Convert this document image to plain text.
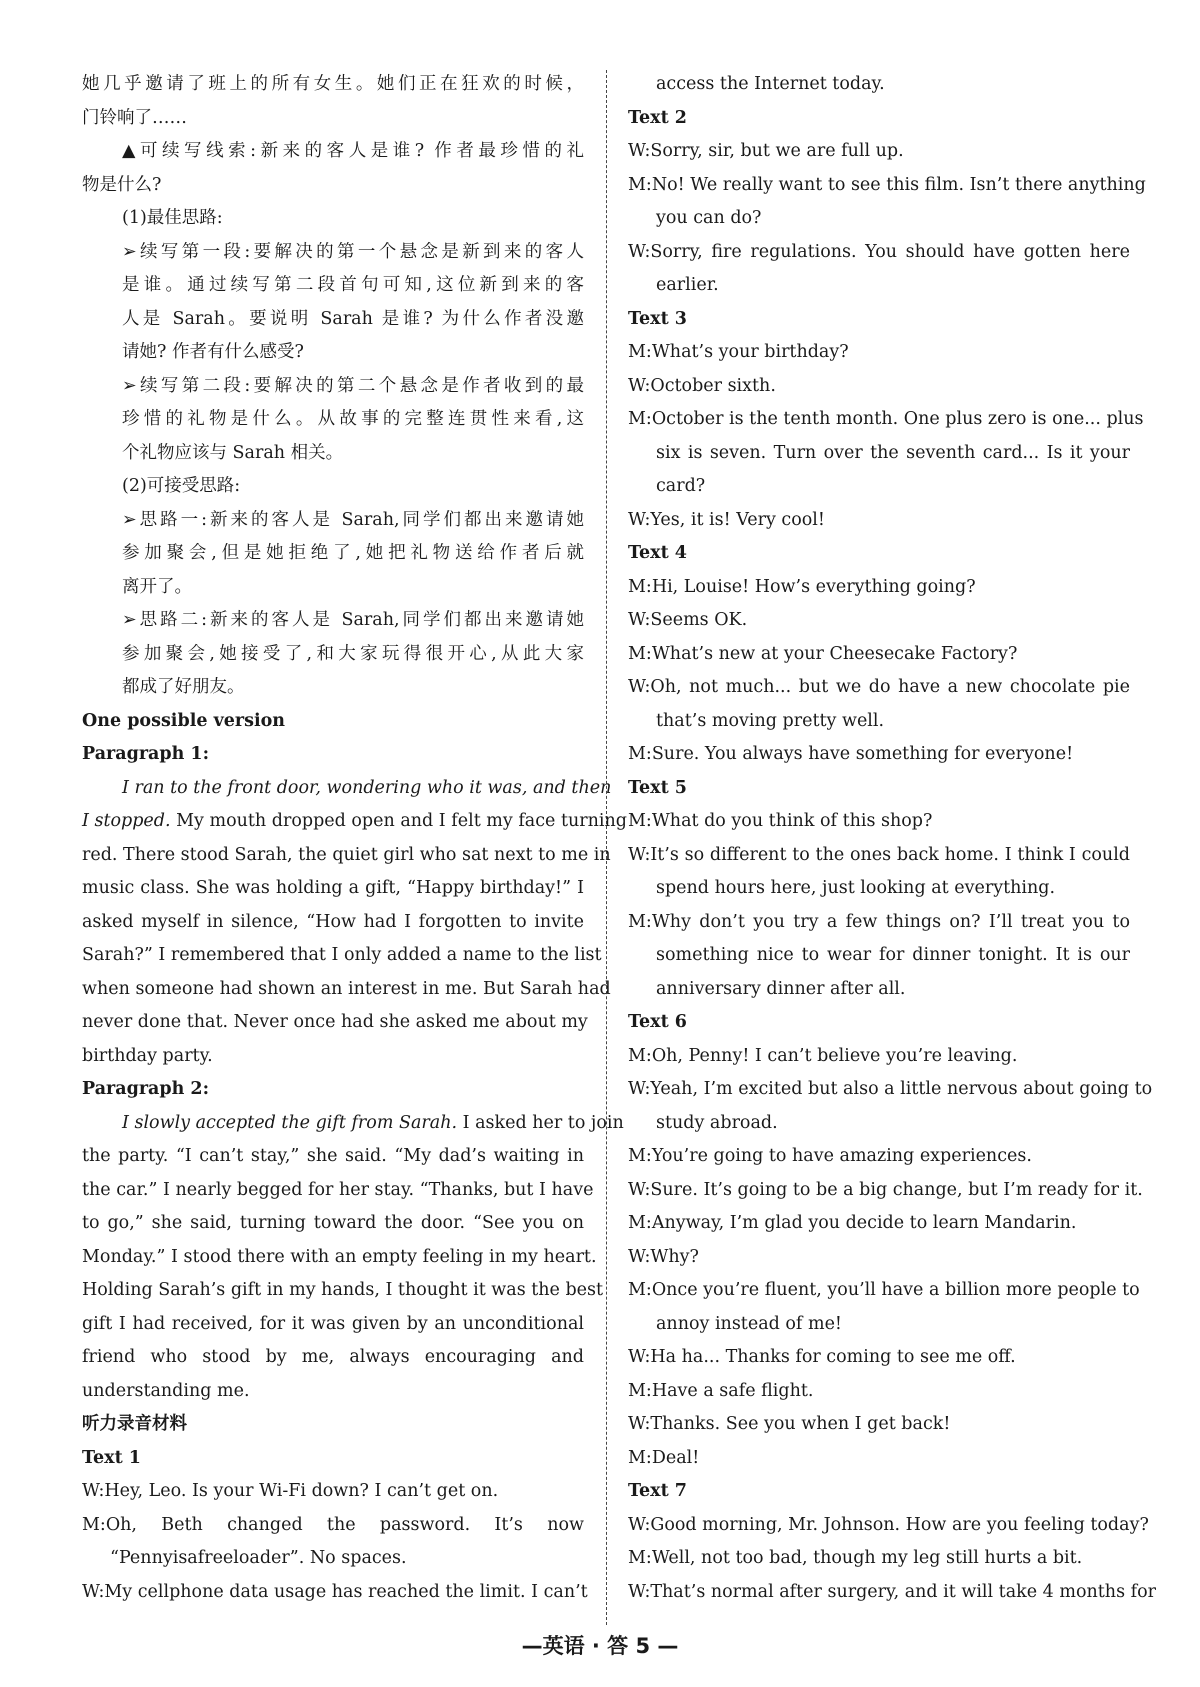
她几乎邀请了班上的所有女生。她们正在狂欢的时候，
门铃响了……
▲可续写线索:新来的客人是谁? 作者最珍惜的礼
物是什么?
(1)最佳思路:
➢续写第一段:要解决的第一个悬念是新到来的客人
是谁。通过续写第二段首句可知,这位新到来的客
人是 Sarah。要说明 Sarah 是谁? 为什么作者没邀
请她? 作者有什么感受?
➢续写第二段:要解决的第二个悬念是作者收到的最
珍惜的礼物是什么。从故事的完整连贯性来看,这
个礼物应该与 Sarah 相关。
(2)可接受思路:
➢思路一:新来的客人是 Sarah,同学们都出来邀请她
参加聚会,但是她拒绝了,她把礼物送给作者后就
离开了。
➢思路二:新来的客人是 Sarah,同学们都出来邀请她
参加聚会,她接受了,和大家玩得很开心,从此大家
都成了好朋友。
One possible version
Paragraph 1:
I ran to the front door, wondering who it was, and then
I stopped. My mouth dropped open and I felt my face turning
red. There stood Sarah, the quiet girl who sat next to me in
music class. She was holding a gift, “Happy birthday!” I
asked myself in silence, “How had I forgotten to invite
Sarah?” I remembered that I only added a name to the list
when someone had shown an interest in me. But Sarah had
never done that. Never once had she asked me about my
birthday party.
Paragraph 2:
I slowly accepted the gift from Sarah. I asked her to join
the party. “I can’t stay,” she said. “My dad’s waiting in
the car.” I nearly begged for her stay. “Thanks, but I have
to go,” she said, turning toward the door. “See you on
Monday.” I stood there with an empty feeling in my heart.
Holding Sarah’s gift in my hands, I thought it was the best
gift I had received, for it was given by an unconditional
friend who stood by me, always encouraging and
understanding me.
听力录音材料
Text 1
W:Hey, Leo. Is your Wi-Fi down? I can’t get on.
M:Oh, Beth changed the password. It’s now
“Pennyisafreeloader”. No spaces.
W:My cellphone data usage has reached the limit. I can’t
access the Internet today.
Text 2
W:Sorry, sir, but we are full up.
M:No! We really want to see this film. Isn’t there anything
you can do?
W:Sorry, fire regulations. You should have gotten here
earlier.
Text 3
M:What’s your birthday?
W:October sixth.
M:October is the tenth month. One plus zero is one... plus
six is seven. Turn over the seventh card... Is it your
card?
W:Yes, it is! Very cool!
Text 4
M:Hi, Louise! How’s everything going?
W:Seems OK.
M:What’s new at your Cheesecake Factory?
W:Oh, not much... but we do have a new chocolate pie
that’s moving pretty well.
M:Sure. You always have something for everyone!
Text 5
M:What do you think of this shop?
W:It’s so different to the ones back home. I think I could
spend hours here, just looking at everything.
M:Why don’t you try a few things on? I’ll treat you to
something nice to wear for dinner tonight. It is our
anniversary dinner after all.
Text 6
M:Oh, Penny! I can’t believe you’re leaving.
W:Yeah, I’m excited but also a little nervous about going to
study abroad.
M:You’re going to have amazing experiences.
W:Sure. It’s going to be a big change, but I’m ready for it.
M:Anyway, I’m glad you decide to learn Mandarin.
W:Why?
M:Once you’re fluent, you’ll have a billion more people to
annoy instead of me!
W:Ha ha... Thanks for coming to see me off.
M:Have a safe flight.
W:Thanks. See you when I get back!
M:Deal!
Text 7
W:Good morning, Mr. Johnson. How are you feeling today?
M:Well, not too bad, though my leg still hurts a bit.
W:That’s normal after surgery, and it will take 4 months for
—英语 · 答 5 —
